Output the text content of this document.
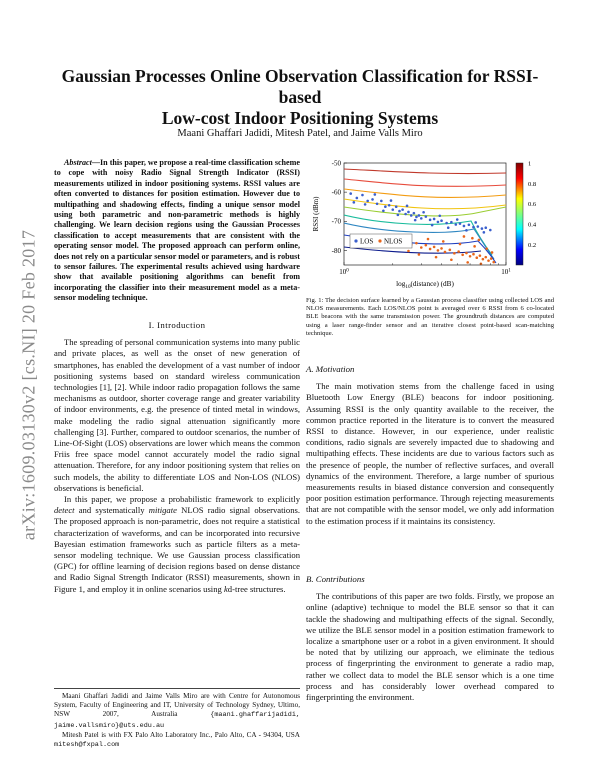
arXiv:1609.03130v2 [cs.NI] 20 Feb 2017
Gaussian Processes Online Observation Classification for RSSI-based
Low-cost Indoor Positioning Systems
Maani Ghaffari Jadidi, Mitesh Patel, and Jaime Valls Miro

Abstract—In this paper, we propose a real-time classification scheme to cope with noisy Radio Signal Strength Indicator (RSSI) measurements utilized in indoor positioning systems. RSSI values are often converted to distances for position estimation. However due to multipathing and shadowing effects, finding a unique sensor model using both parametric and non-parametric methods is highly challenging. We learn decision regions using the Gaussian Processes classification to accept measurements that are consistent with the operating sensor model. The proposed approach can perform online, does not rely on a particular sensor model or parameters, and is robust to sensor failures. The experimental results achieved using hardware show that available positioning algorithms can benefit from incorporating the classifier into their measurement model as a meta-sensor modeling technique.

I. Introduction

The spreading of personal communication systems into many public and private places, as well as the onset of new generation of smartphones, has enabled the development of a vast number of indoor positioning systems based on standard wireless communication technologies [1], [2]. While indoor radio propagation follows the same mechanisms as outdoor, shorter coverage range and greater variability of indoor environments, e.g. the presence of tinted metal in windows, make modeling the radio signal attenuation significantly more challenging [3]. Further, compared to outdoor scenarios, the number of Line-Of-Sight (LOS) observations are lower which means the common Friis free space model cannot accurately model the radio signal attenuation. Therefore, for any indoor positioning system that relies on such models, the ability to differentiate LOS and Non-LOS (NLOS) observations is beneficial.

In this paper, we propose a probabilistic framework to explicitly detect and systematically mitigate NLOS radio signal observations. The proposed approach is non-parametric, does not require a statistical characterization of waveforms, and can be incorporated into recursive Bayesian estimation frameworks such as particle filters as a meta-sensor modeling technique. We use Gaussian process classification (GPC) for offline learning of decision regions based on dense distance and Radio Signal Strength Indicator (RSSI) measurements, shown in Figure 1, and employ it in online scenarios using kd-tree structures.

Maani Ghaffari Jadidi and Jaime Valls Miro are with Centre for Autonomous System, Faculty of Engineering and IT, University of Technology Sydney, Ultimo, NSW 2007, Australia {maani.ghaffarijadidi, jaime.vallsmiro}@uts.edu.au

Mitesh Patel is with FX Palo Alto Laboratory Inc., Palo Alto, CA - 94304, USA mitesh@fxpal.com

-80
-70
-60
-50
$10^0$	$10^1$
RSSI (dBm)
$\log_{10}(distance)$ (dB)
LOS NLOS	0.2
0.4
0.6
0.8
1
Fig. 1: The decision surface learned by a Gaussian process classifier using collected LOS and NLOS measurements. Each LOS/NLOS point is averaged over 6 RSSI from 6 co-located BLE beacons with the same transmission power. The groundtruth distances are computed using a laser range-finder sensor and an iterative closest point-based scan-matching technique.
A. Motivation

The main motivation stems from the challenge faced in using Bluetooth Low Energy (BLE) beacons for indoor positioning. Assuming RSSI is the only quantity available to the receiver, the common practice reported in the literature is to convert the measured RSSI to distance. However, in our experience, under realistic conditions, radio signals are severely impacted due to shadowing and multipathing effects. These incidents are due to various factors such as the presence of people, the number of reflective surfaces, and overall dynamics of the environment. Therefore, a large number of spurious measurements results in biased distance conversion and consequently poor position estimation performance. Through rejecting measurements that are not compatible with the sensor model, we only add information to the estimation process if it maintains its consistency.

B. Contributions

The contributions of this paper are two folds. Firstly, we propose an online (adaptive) technique to model the BLE sensor so that it can tackle the shadowing and multipathing effects of the signal. Secondly, we utilize the BLE sensor model in a position estimation framework to localize a smartphone user or a robot in a given environment. It should be noted that by utilizing our approach, we eliminate the tedious process of fingerprinting the environment to generate a radio map, rather we collect data to model the BLE sensor which is a one time process and has considerably lower overhead compared to fingerprinting the environment.
